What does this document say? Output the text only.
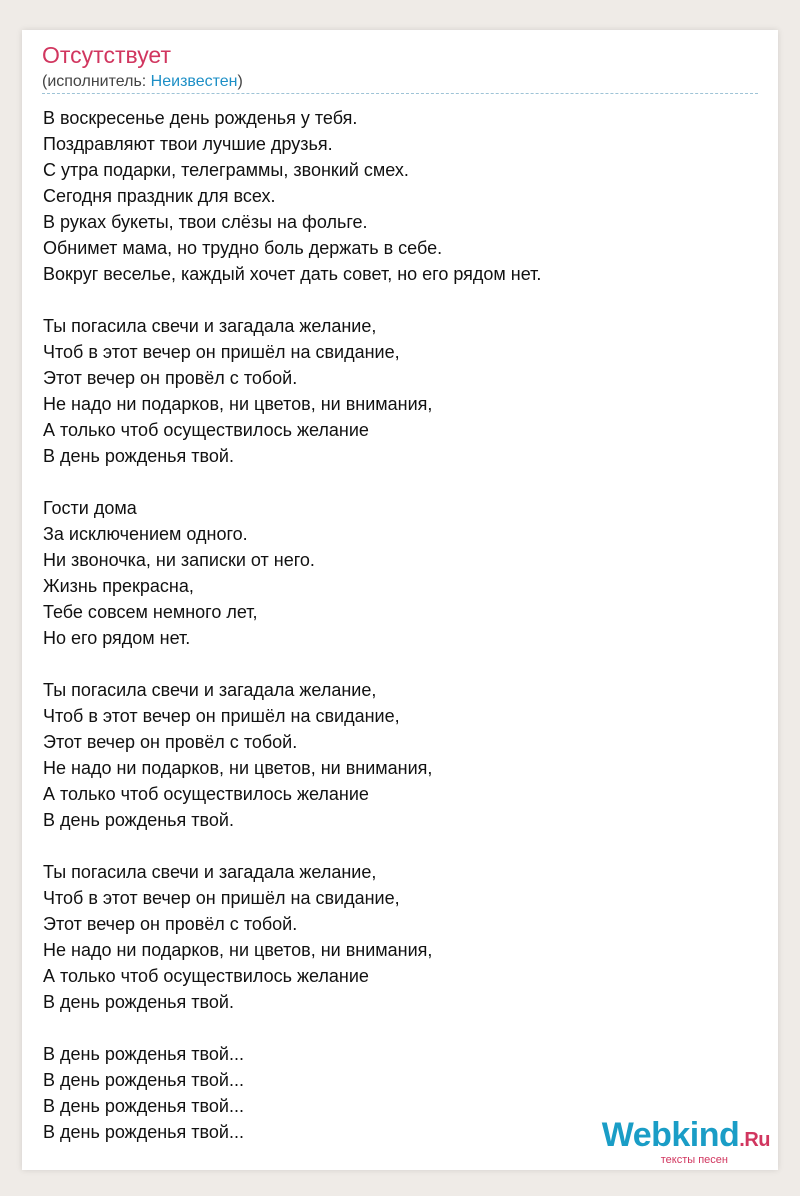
Отсутствует
(исполнитель: Неизвестен)
В воскресенье день рожденья у тебя.
Поздравляют твои лучшие друзья.
С утра подарки, телеграммы, звонкий смех.
Сегодня праздник для всех.
В руках букеты, твои слёзы на фольге.
Обнимет мама, но трудно боль держать в себе.
Вокруг веселье, каждый хочет дать совет, но его рядом нет.
Ты погасила свечи и загадала желание,
Чтоб в этот вечер он пришёл на свидание,
Этот вечер он провёл с тобой.
Не надо ни подарков, ни цветов, ни внимания,
А только чтоб осуществилось желание
В день рожденья твой.
Гости дома
За исключением одного.
Ни звоночка, ни записки от него.
Жизнь прекрасна,
Тебе совсем немного лет,
Но его рядом нет.
Ты погасила свечи и загадала желание,
Чтоб в этот вечер он пришёл на свидание,
Этот вечер он провёл с тобой.
Не надо ни подарков, ни цветов, ни внимания,
А только чтоб осуществилось желание
В день рожденья твой.
Ты погасила свечи и загадала желание,
Чтоб в этот вечер он пришёл на свидание,
Этот вечер он провёл с тобой.
Не надо ни подарков, ни цветов, ни внимания,
А только чтоб осуществилось желание
В день рожденья твой.
В день рожденья твой...
В день рожденья твой...
В день рожденья твой...
В день рожденья твой...	Webkind.Ru
тексты песен
